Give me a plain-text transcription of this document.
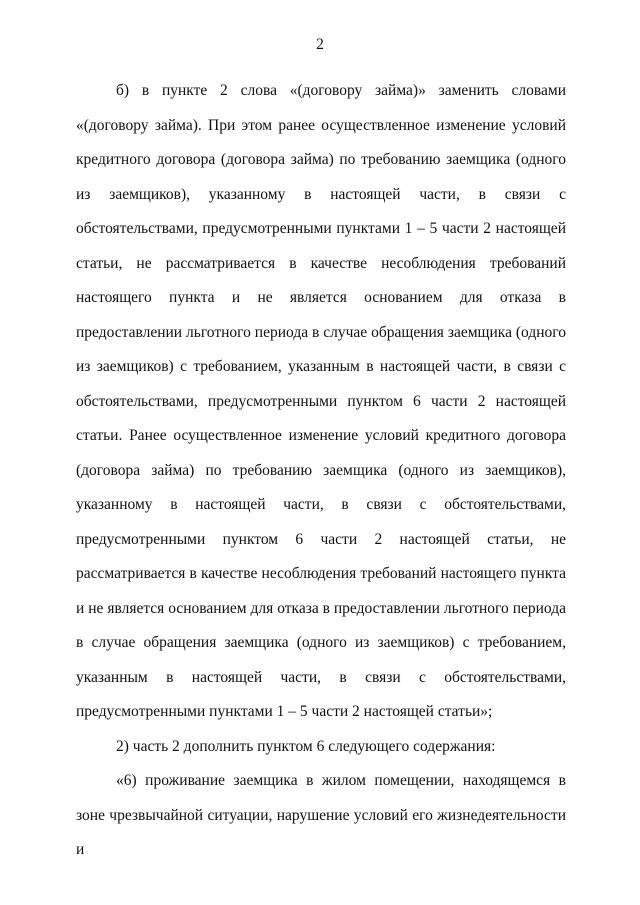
2

б) в пункте 2 слова «(договору займа)» заменить словами «(договору займа). При этом ранее осуществленное изменение условий кредитного договора (договора займа) по требованию заемщика (одного из заемщиков), указанному в настоящей части, в связи с обстоятельствами, предусмотренными пунктами 1 – 5 части 2 настоящей статьи, не рассматривается в качестве несоблюдения требований настоящего пункта и не является основанием для отказа в предоставлении льготного периода в случае обращения заемщика (одного из заемщиков) с требованием, указанным в настоящей части, в связи с обстоятельствами, предусмотренными пунктом 6 части 2 настоящей статьи. Ранее осуществленное изменение условий кредитного договора (договора займа) по требованию заемщика (одного из заемщиков), указанному в настоящей части, в связи с обстоятельствами, предусмотренными пунктом 6 части 2 настоящей статьи, не рассматривается в качестве несоблюдения требований настоящего пункта и не является основанием для отказа в предоставлении льготного периода в случае обращения заемщика (одного из заемщиков) с требованием, указанным в настоящей части, в связи с обстоятельствами, предусмотренными пунктами 1 – 5 части 2 настоящей статьи»;

2) часть 2 дополнить пунктом 6 следующего содержания:

«6) проживание заемщика в жилом помещении, находящемся в зоне чрезвычайной ситуации, нарушение условий его жизнедеятельности и
